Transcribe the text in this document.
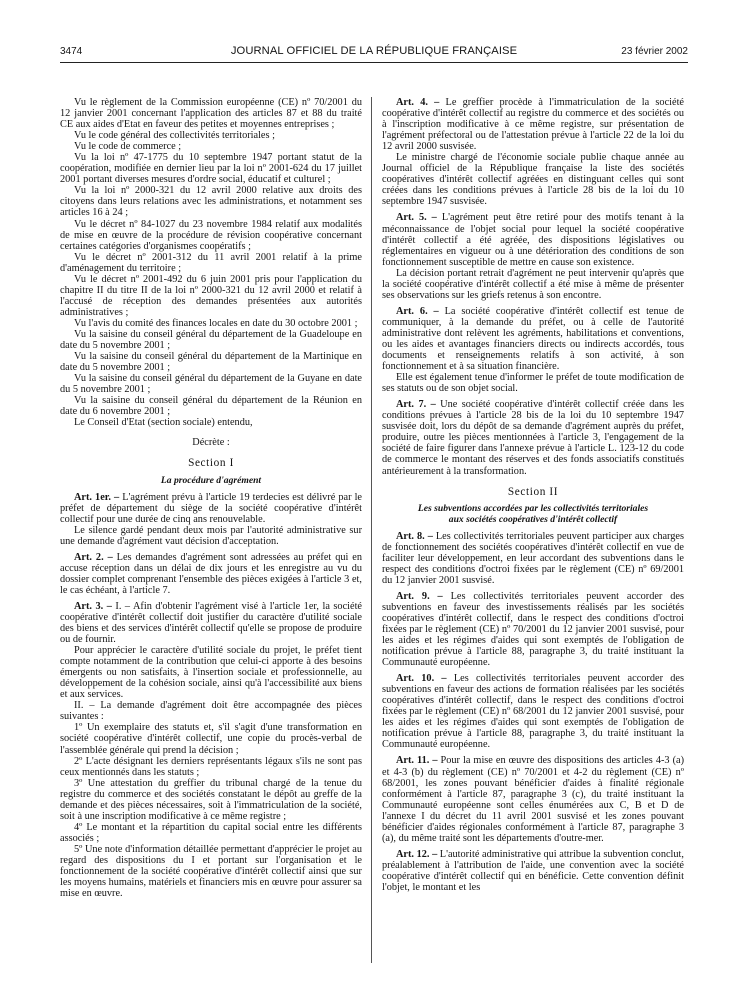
3474	JOURNAL OFFICIEL DE LA RÉPUBLIQUE FRANÇAISE	23 février 2002

Vu le règlement de la Commission européenne (CE) nº 70/2001 du 12 janvier 2001 concernant l'application des articles 87 et 88 du traité CE aux aides d'Etat en faveur des petites et moyennes entreprises ;

Vu le code général des collectivités territoriales ;

Vu le code de commerce ;

Vu la loi nº 47-1775 du 10 septembre 1947 portant statut de la coopération, modifiée en dernier lieu par la loi nº 2001-624 du 17 juillet 2001 portant diverses mesures d'ordre social, éducatif et culturel ;

Vu la loi nº 2000-321 du 12 avril 2000 relative aux droits des citoyens dans leurs relations avec les administrations, et notamment ses articles 16 à 24 ;

Vu le décret nº 84-1027 du 23 novembre 1984 relatif aux modalités de mise en œuvre de la procédure de révision coopérative concernant certaines catégories d'organismes coopératifs ;

Vu le décret nº 2001-312 du 11 avril 2001 relatif à la prime d'aménagement du territoire ;

Vu le décret nº 2001-492 du 6 juin 2001 pris pour l'application du chapitre II du titre II de la loi nº 2000-321 du 12 avril 2000 et relatif à l'accusé de réception des demandes présentées aux autorités administratives ;

Vu l'avis du comité des finances locales en date du 30 octobre 2001 ;

Vu la saisine du conseil général du département de la Guadeloupe en date du 5 novembre 2001 ;

Vu la saisine du conseil général du département de la Martinique en date du 5 novembre 2001 ;

Vu la saisine du conseil général du département de la Guyane en date du 5 novembre 2001 ;

Vu la saisine du conseil général du département de la Réunion en date du 6 novembre 2001 ;

Le Conseil d'Etat (section sociale) entendu,

Décrète :

Section I

La procédure d'agrément

Art. 1er. – L'agrément prévu à l'article 19 terdecies est délivré par le préfet de département du siège de la société coopérative d'intérêt collectif pour une durée de cinq ans renouvelable.

Le silence gardé pendant deux mois par l'autorité administrative sur une demande d'agrément vaut décision d'acceptation.

Art. 2. – Les demandes d'agrément sont adressées au préfet qui en accuse réception dans un délai de dix jours et les enregistre au vu du dossier complet comprenant l'ensemble des pièces exigées à l'article 3 et, le cas échéant, à l'article 7.

Art. 3. – I. – Afin d'obtenir l'agrément visé à l'article 1er, la société coopérative d'intérêt collectif doit justifier du caractère d'utilité sociale des biens et des services d'intérêt collectif qu'elle se propose de produire ou de fournir.

Pour apprécier le caractère d'utilité sociale du projet, le préfet tient compte notamment de la contribution que celui-ci apporte à des besoins émergents ou non satisfaits, à l'insertion sociale et professionnelle, au développement de la cohésion sociale, ainsi qu'à l'accessibilité aux biens et aux services.

II. – La demande d'agrément doit être accompagnée des pièces suivantes :

1º Un exemplaire des statuts et, s'il s'agit d'une transformation en société coopérative d'intérêt collectif, une copie du procès-verbal de l'assemblée générale qui prend la décision ;

2º L'acte désignant les derniers représentants légaux s'ils ne sont pas ceux mentionnés dans les statuts ;

3º Une attestation du greffier du tribunal chargé de la tenue du registre du commerce et des sociétés constatant le dépôt au greffe de la demande et des pièces nécessaires, soit à l'immatriculation de la société, soit à une inscription modificative à ce même registre ;

4º Le montant et la répartition du capital social entre les différents associés ;

5º Une note d'information détaillée permettant d'apprécier le projet au regard des dispositions du I et portant sur l'organisation et le fonctionnement de la société coopérative d'intérêt collectif ainsi que sur les moyens humains, matériels et financiers mis en œuvre pour assurer sa mise en œuvre.

Art. 4. – Le greffier procède à l'immatriculation de la société coopérative d'intérêt collectif au registre du commerce et des sociétés ou à l'inscription modificative à ce même registre, sur présentation de l'agrément préfectoral ou de l'attestation prévue à l'article 22 de la loi du 12 avril 2000 susvisée.

Le ministre chargé de l'économie sociale publie chaque année au Journal officiel de la République française la liste des sociétés coopératives d'intérêt collectif agréées en distinguant celles qui sont créées dans les conditions prévues à l'article 28 bis de la loi du 10 septembre 1947 susvisée.

Art. 5. – L'agrément peut être retiré pour des motifs tenant à la méconnaissance de l'objet social pour lequel la société coopérative d'intérêt collectif a été agréée, des dispositions législatives ou réglementaires en vigueur ou à une détérioration des conditions de son fonctionnement susceptible de mettre en cause son existence.

La décision portant retrait d'agrément ne peut intervenir qu'après que la société coopérative d'intérêt collectif a été mise à même de présenter ses observations sur les griefs retenus à son encontre.

Art. 6. – La société coopérative d'intérêt collectif est tenue de communiquer, à la demande du préfet, ou à celle de l'autorité administrative dont relèvent les agréments, habilitations et conventions, ou les aides et avantages financiers directs ou indirects accordés, tous documents et renseignements relatifs à son activité, à son fonctionnement et à sa situation financière.

Elle est également tenue d'informer le préfet de toute modification de ses statuts ou de son objet social.

Art. 7. – Une société coopérative d'intérêt collectif créée dans les conditions prévues à l'article 28 bis de la loi du 10 septembre 1947 susvisée doit, lors du dépôt de sa demande d'agrément auprès du préfet, produire, outre les pièces mentionnées à l'article 3, l'engagement de la société de faire figurer dans l'annexe prévue à l'article L. 123-12 du code de commerce le montant des réserves et des fonds associatifs constitués antérieurement à la transformation.

Section II

Les subventions accordées par les collectivités territoriales
aux sociétés coopératives d'intérêt collectif

Art. 8. – Les collectivités territoriales peuvent participer aux charges de fonctionnement des sociétés coopératives d'intérêt collectif en vue de faciliter leur développement, en leur accordant des subventions dans le respect des conditions d'octroi fixées par le règlement (CE) nº 69/2001 du 12 janvier 2001 susvisé.

Art. 9. – Les collectivités territoriales peuvent accorder des subventions en faveur des investissements réalisés par les sociétés coopératives d'intérêt collectif, dans le respect des conditions d'octroi fixées par le règlement (CE) nº 70/2001 du 12 janvier 2001 susvisé, pour les aides et les régimes d'aides qui sont exemptés de l'obligation de notification prévue à l'article 88, paragraphe 3, du traité instituant la Communauté européenne.

Art. 10. – Les collectivités territoriales peuvent accorder des subventions en faveur des actions de formation réalisées par les sociétés coopératives d'intérêt collectif, dans le respect des conditions d'octroi fixées par le règlement (CE) nº 68/2001 du 12 janvier 2001 susvisé, pour les aides et les régimes d'aides qui sont exemptés de l'obligation de notification prévue à l'article 88, paragraphe 3, du traité instituant la Communauté européenne.

Art. 11. – Pour la mise en œuvre des dispositions des articles 4-3 (a) et 4-3 (b) du règlement (CE) nº 70/2001 et 4-2 du règlement (CE) nº 68/2001, les zones pouvant bénéficier d'aides à finalité régionale conformément à l'article 87, paragraphe 3 (c), du traité instituant la Communauté européenne sont celles énumérées aux C, B et D de l'annexe I du décret du 11 avril 2001 susvisé et les zones pouvant bénéficier d'aides régionales conformément à l'article 87, paragraphe 3 (a), du même traité sont les départements d'outre-mer.

Art. 12. – L'autorité administrative qui attribue la subvention conclut, préalablement à l'attribution de l'aide, une convention avec la société coopérative d'intérêt collectif qui en bénéficie. Cette convention définit l'objet, le montant et les
